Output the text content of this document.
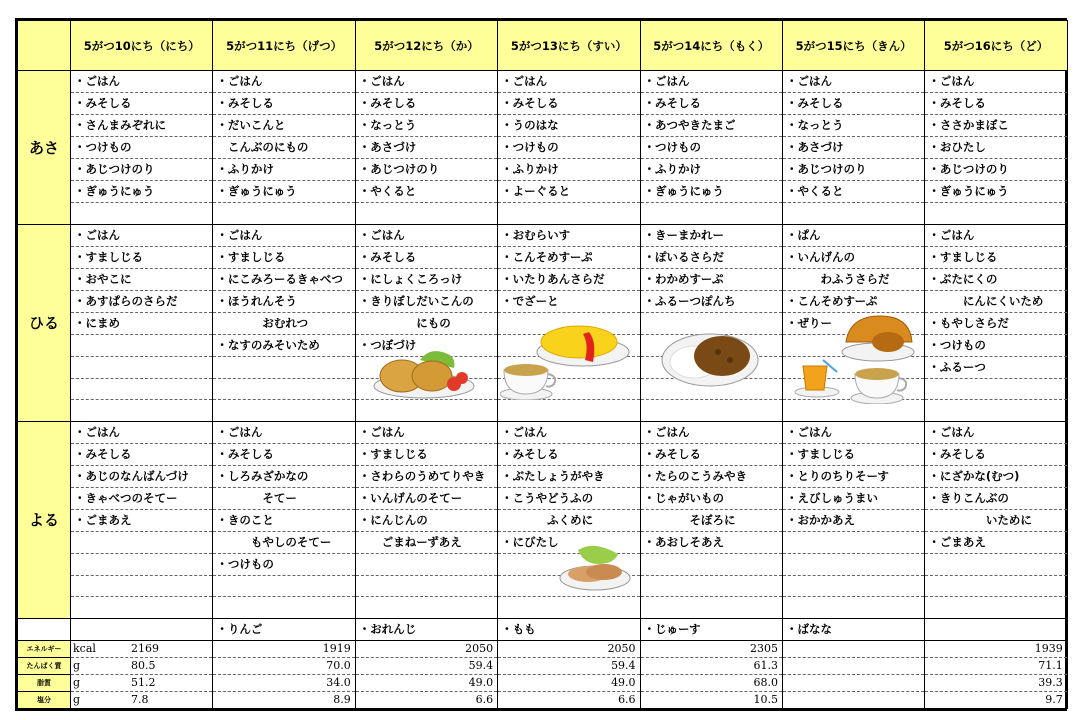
	5がつ10にち（にち）	5がつ11にち（げつ）	5がつ12にち（か）	5がつ13にち（すい）	5がつ14にち（もく）	5がつ15にち（きん）	5がつ16にち（ど）
あさ	・ごはん	・ごはん	・ごはん	・ごはん	・ごはん	・ごはん	・ごはん
	・みそしる	・みそしる	・みそしる	・みそしる	・みそしる	・みそしる	・みそしる
	・さんまみぞれに	・だいこんと	・なっとう	・うのはな	・あつやきたまご	・なっとう	・ささかまぼこ
	・つけもの	　こんぶのにもの	・あさづけ	・つけもの	・つけもの	・あさづけ	・おひたし
	・あじつけのり	・ふりかけ	・あじつけのり	・ふりかけ	・ふりかけ	・あじつけのり	・あじつけのり
	・ぎゅうにゅう	・ぎゅうにゅう	・やくると	・よーぐると	・ぎゅうにゅう	・やくると	・ぎゅうにゅう

ひる	・ごはん	・ごはん	・ごはん	・おむらいす	・きーまかれー	・ぱん	・ごはん
	・すましじる	・すましじる	・みそしる	・こんそめすーぷ	・ぽいるさらだ	・いんげんの	・すましじる
	・おやこに	・にこみろーるきゃべつ	・にしょくころっけ	・いたりあんさらだ	・わかめすーぷ	　　　わふうさらだ	・ぶたにくの
	・あすぱらのさらだ	・ほうれんそう	・きりぼしだいこんの	・でざーと	・ふるーつぽんち	・こんそめすーぷ	　　　にんにくいため
	・にまめ	　　　　おむれつ	　　　　　にもの			・ぜりー	・もやしさらだ
		・なすのみそいため	・つぼづけ				・つけもの
							・ふるーつ

よる	・ごはん	・ごはん	・ごはん	・ごはん	・ごはん	・ごはん	・ごはん
	・みそしる	・みそしる	・すましじる	・みそしる	・みそしる	・すましじる	・みそしる
	・あじのなんばんづけ	・しろみざかなの	・さわらのうめてりやき	・ぶたしょうがやき	・たらのこうみやき	・とりのちりそーす	・にざかな(むつ)
	・きゃべつのそてー	　　　　そてー	・いんげんのそてー	・こうやどうふの	・じゃがいもの	・えびしゅうまい	・きりこんぶの
	・ごまあえ	・きのこと	・にんじんの	　　　　ふくめに	　　　　そぼろに	・おかかあえ	　　　　　いために
		　　　もやしのそてー	　　ごまねーずあえ	・にびたし	・あおしそあえ		・ごまあえ
		・つけもの					

		・りんご	・おれんじ	・もも	・じゅーす	・ばなな	
エネルギー	kcal 2169	1919	2050	2050	2305		1939

たんぱく質	g 80.5	70.0	59.4	59.4	61.3		71.1

脂質	g 51.2	34.0	49.0	49.0	68.0		39.3

塩分	g 7.8	8.9	6.6	6.6	10.5		9.7
